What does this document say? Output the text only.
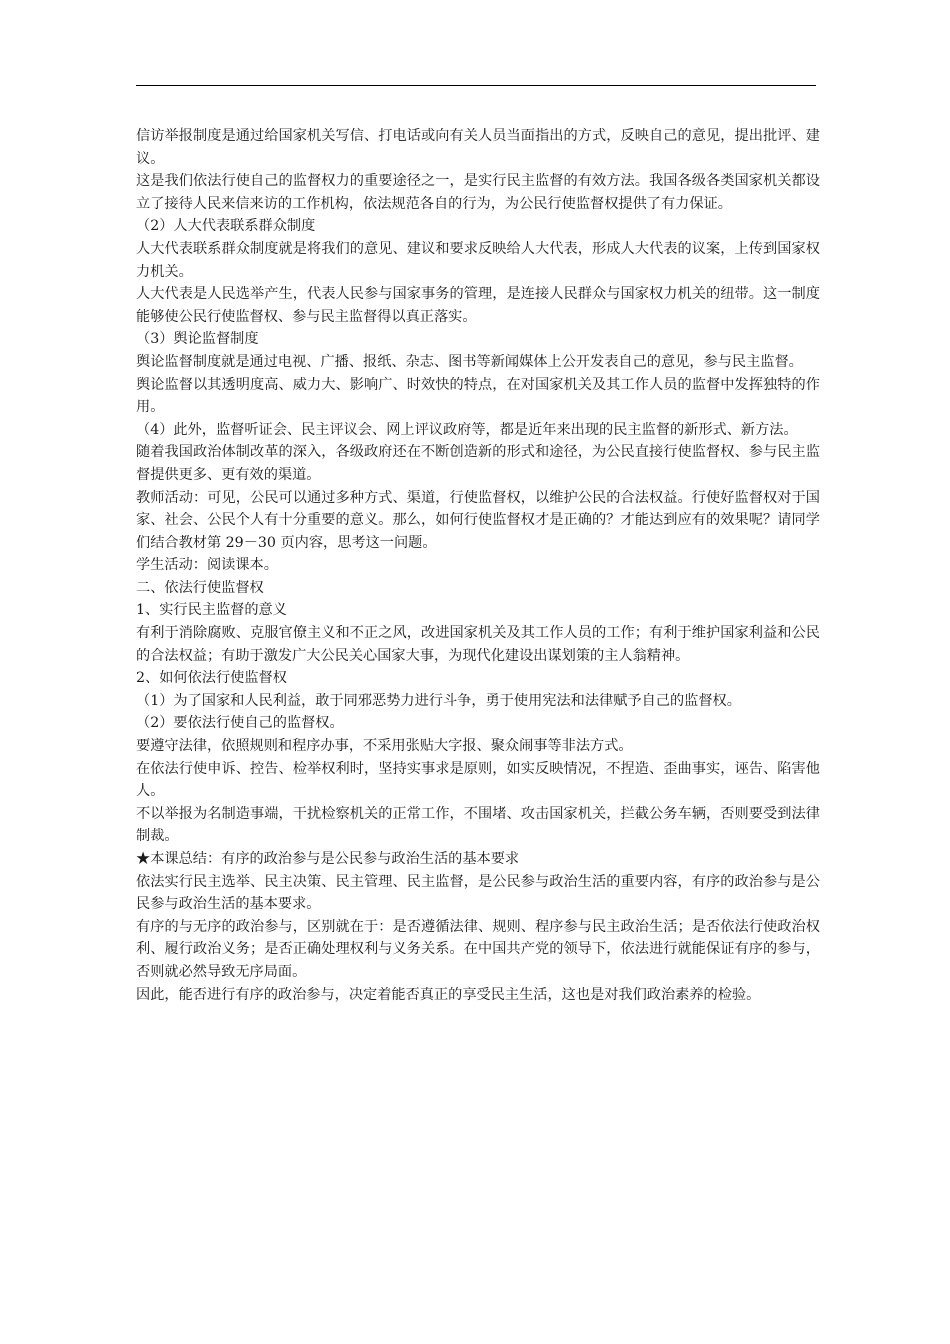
信访举报制度是通过给国家机关写信、打电话或向有关人员当面指出的方式，反映自己的意见，提出批评、建议。

这是我们依法行使自己的监督权力的重要途径之一，是实行民主监督的有效方法。我国各级各类国家机关都设立了接待人民来信来访的工作机构，依法规范各自的行为，为公民行使监督权提供了有力保证。

（2）人大代表联系群众制度

人大代表联系群众制度就是将我们的意见、建议和要求反映给人大代表，形成人大代表的议案，上传到国家权力机关。

人大代表是人民选举产生，代表人民参与国家事务的管理，是连接人民群众与国家权力机关的纽带。这一制度能够使公民行使监督权、参与民主监督得以真正落实。

（3）舆论监督制度

舆论监督制度就是通过电视、广播、报纸、杂志、图书等新闻媒体上公开发表自己的意见，参与民主监督。

舆论监督以其透明度高、威力大、影响广、时效快的特点，在对国家机关及其工作人员的监督中发挥独特的作用。

（4）此外，监督听证会、民主评议会、网上评议政府等，都是近年来出现的民主监督的新形式、新方法。

随着我国政治体制改革的深入，各级政府还在不断创造新的形式和途径，为公民直接行使监督权、参与民主监督提供更多、更有效的渠道。

教师活动：可见，公民可以通过多种方式、渠道，行使监督权，以维护公民的合法权益。行使好监督权对于国家、社会、公民个人有十分重要的意义。那么，如何行使监督权才是正确的？才能达到应有的效果呢？请同学们结合教材第 29－30 页内容，思考这一问题。

学生活动：阅读课本。

二、依法行使监督权

1、实行民主监督的意义

有利于消除腐败、克服官僚主义和不正之风，改进国家机关及其工作人员的工作；有利于维护国家利益和公民的合法权益；有助于激发广大公民关心国家大事，为现代化建设出谋划策的主人翁精神。

2、如何依法行使监督权

（1）为了国家和人民利益，敢于同邪恶势力进行斗争，勇于使用宪法和法律赋予自己的监督权。

（2）要依法行使自己的监督权。

要遵守法律，依照规则和程序办事，不采用张贴大字报、聚众闹事等非法方式。

在依法行使申诉、控告、检举权利时，坚持实事求是原则，如实反映情况，不捏造、歪曲事实，诬告、陷害他人。

不以举报为名制造事端，干扰检察机关的正常工作，不围堵、攻击国家机关，拦截公务车辆，否则要受到法律制裁。

★本课总结：有序的政治参与是公民参与政治生活的基本要求

依法实行民主选举、民主决策、民主管理、民主监督，是公民参与政治生活的重要内容，有序的政治参与是公民参与政治生活的基本要求。

有序的与无序的政治参与，区别就在于：是否遵循法律、规则、程序参与民主政治生活；是否依法行使政治权利、履行政治义务；是否正确处理权利与义务关系。在中国共产党的领导下，依法进行就能保证有序的参与，否则就必然导致无序局面。

因此，能否进行有序的政治参与，决定着能否真正的享受民主生活，这也是对我们政治素养的检验。
